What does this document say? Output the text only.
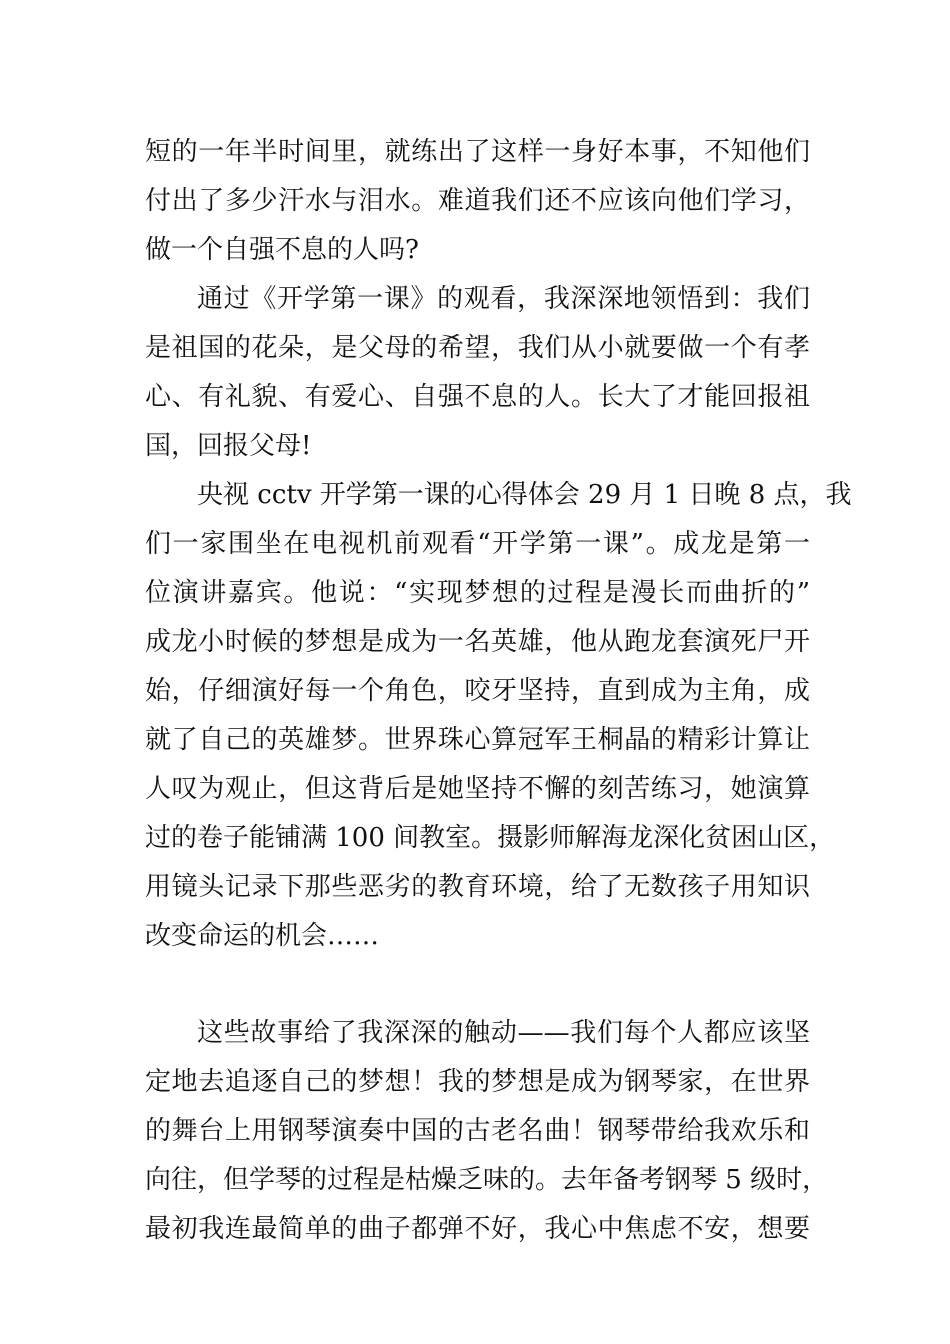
短的一年半时间里，就练出了这样一身好本事，不知他们
付出了多少汗水与泪水。难道我们还不应该向他们学习，
做一个自强不息的人吗?
通过《开学第一课》的观看，我深深地领悟到：我们
是祖国的花朵，是父母的希望，我们从小就要做一个有孝
心、有礼貌、有爱心、自强不息的人。长大了才能回报祖
国，回报父母!
央视 cctv 开学第一课的心得体会 29 月 1 日晚 8 点，我
们一家围坐在电视机前观看“开学第一课”。成龙是第一
位演讲嘉宾。他说：“实现梦想的过程是漫长而曲折的”
成龙小时候的梦想是成为一名英雄，他从跑龙套演死尸开
始，仔细演好每一个角色，咬牙坚持，直到成为主角，成
就了自己的英雄梦。世界珠心算冠军王桐晶的精彩计算让
人叹为观止，但这背后是她坚持不懈的刻苦练习，她演算
过的卷子能铺满 100 间教室。摄影师解海龙深化贫困山区，
用镜头记录下那些恶劣的教育环境，给了无数孩子用知识
改变命运的机会……
这些故事给了我深深的触动——我们每个人都应该坚
定地去追逐自己的梦想！我的梦想是成为钢琴家，在世界
的舞台上用钢琴演奏中国的古老名曲！钢琴带给我欢乐和
向往，但学琴的过程是枯燥乏味的。去年备考钢琴 5 级时，
最初我连最简单的曲子都弹不好，我心中焦虑不安，想要
